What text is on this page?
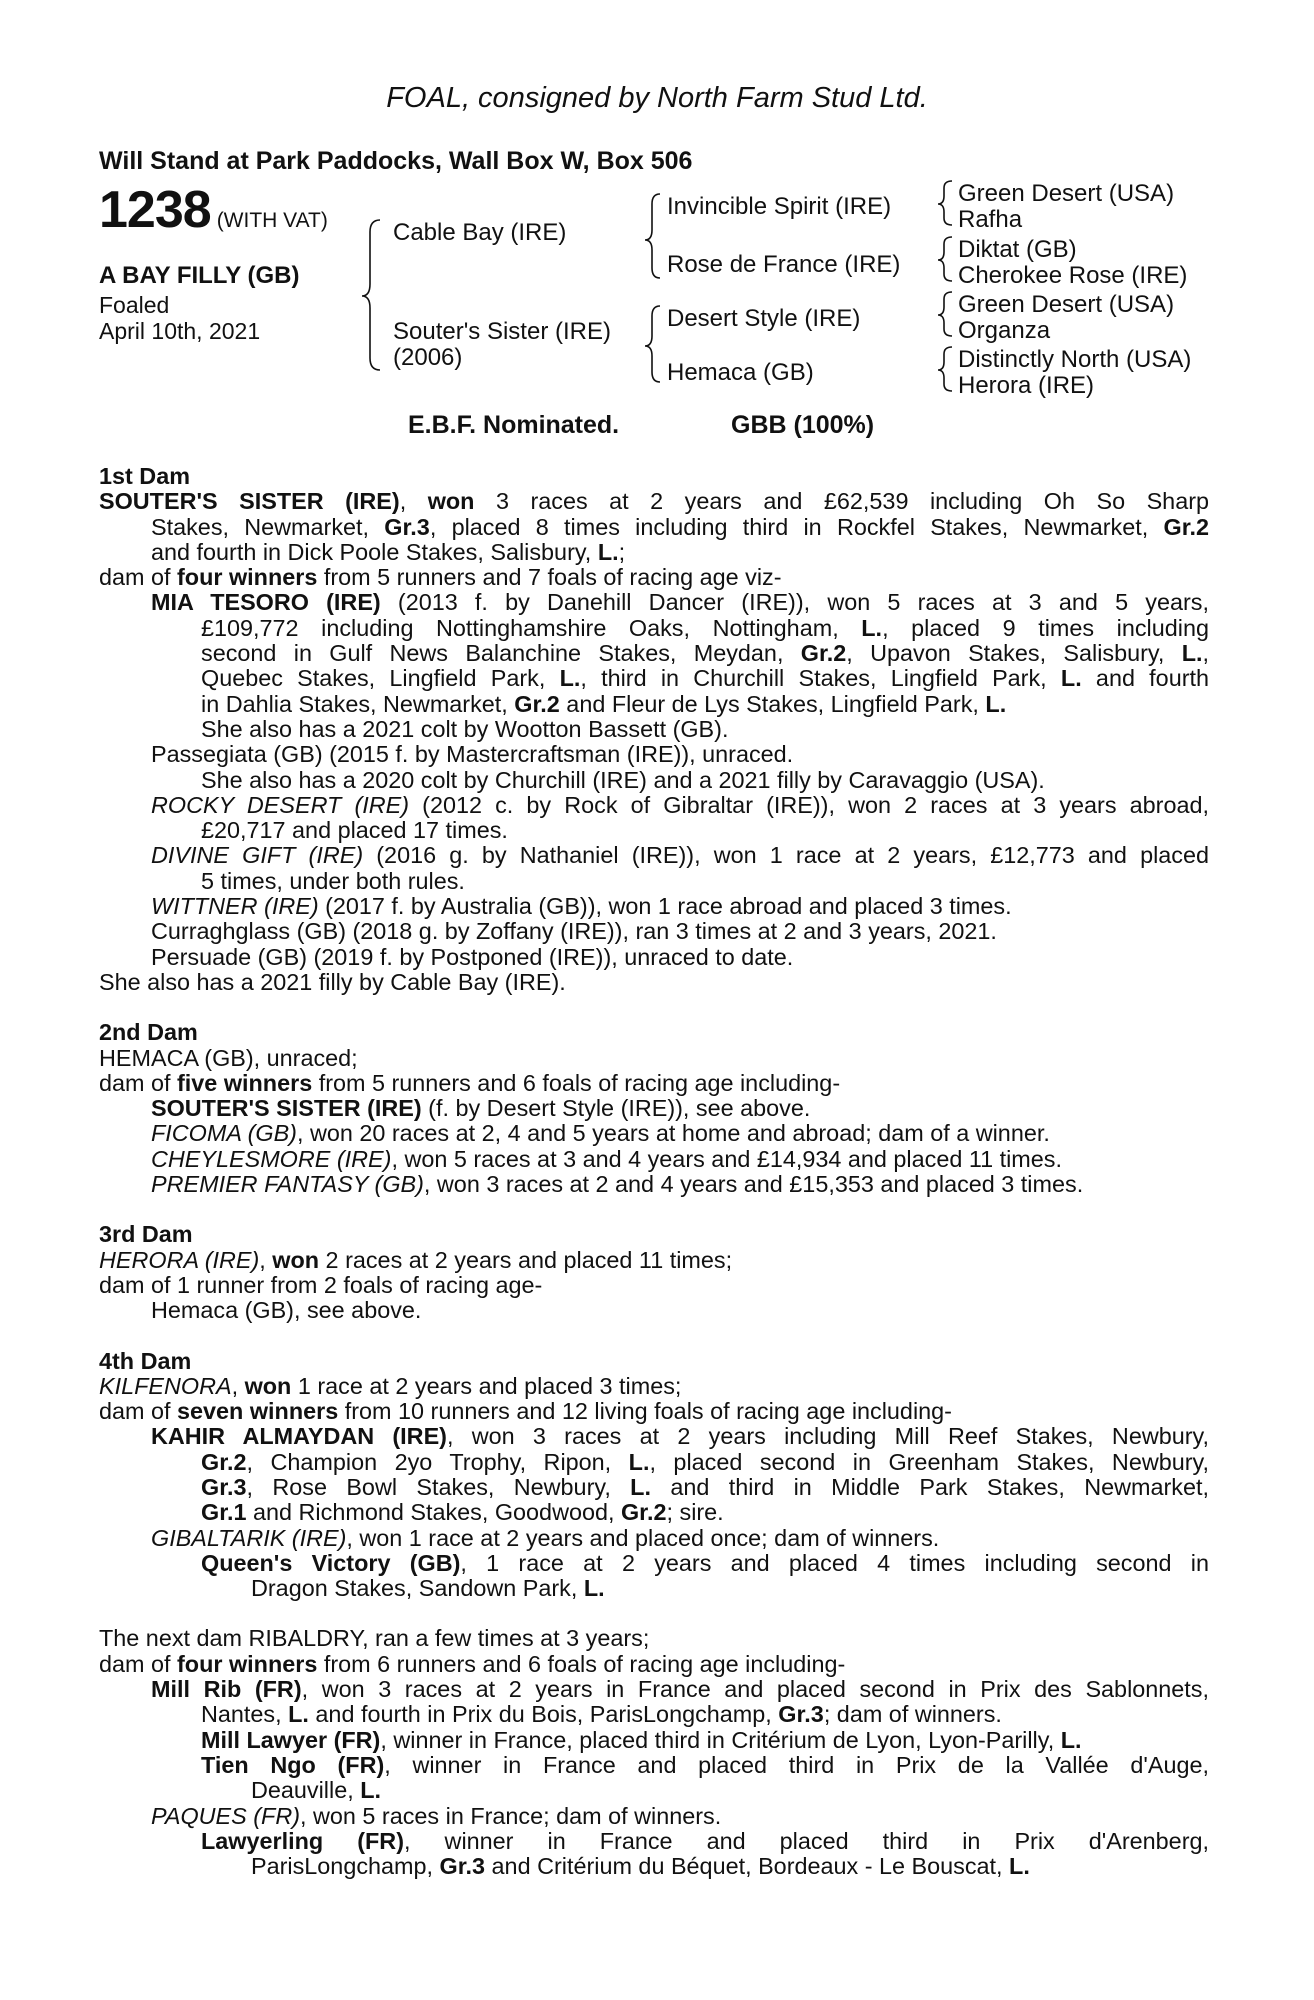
FOAL, consigned by North Farm Stud Ltd.
Will Stand at Park Paddocks, Wall Box W, Box 506
1238 (WITH VAT)
A BAY FILLY (GB)
Foaled
April 10th, 2021
Cable Bay (IRE)
Souter's Sister (IRE)
(2006)
Invincible Spirit (IRE)
Rose de France (IRE)
Desert Style (IRE)
Hemaca (GB)
Green Desert (USA)
Rafha
Diktat (GB)
Cherokee Rose (IRE)
Green Desert (USA)
Organza
Distinctly North (USA)
Herora (IRE)
E.B.F. Nominated.	GBB (100%)

1st Dam

SOUTER'S SISTER (IRE), won 3 races at 2 years and £62,539 including Oh So Sharp

Stakes, Newmarket, Gr.3, placed 8 times including third in Rockfel Stakes, Newmarket, Gr.2

and fourth in Dick Poole Stakes, Salisbury, L.;

dam of four winners from 5 runners and 7 foals of racing age viz-

MIA TESORO (IRE) (2013 f. by Danehill Dancer (IRE)), won 5 races at 3 and 5 years,

£109,772 including Nottinghamshire Oaks, Nottingham, L., placed 9 times including

second in Gulf News Balanchine Stakes, Meydan, Gr.2, Upavon Stakes, Salisbury, L.,

Quebec Stakes, Lingfield Park, L., third in Churchill Stakes, Lingfield Park, L. and fourth

in Dahlia Stakes, Newmarket, Gr.2 and Fleur de Lys Stakes, Lingfield Park, L.

She also has a 2021 colt by Wootton Bassett (GB).

Passegiata (GB) (2015 f. by Mastercraftsman (IRE)), unraced.

She also has a 2020 colt by Churchill (IRE) and a 2021 filly by Caravaggio (USA).

ROCKY DESERT (IRE) (2012 c. by Rock of Gibraltar (IRE)), won 2 races at 3 years abroad,

£20,717 and placed 17 times.

DIVINE GIFT (IRE) (2016 g. by Nathaniel (IRE)), won 1 race at 2 years, £12,773 and placed

5 times, under both rules.

WITTNER (IRE) (2017 f. by Australia (GB)), won 1 race abroad and placed 3 times.

Curraghglass (GB) (2018 g. by Zoffany (IRE)), ran 3 times at 2 and 3 years, 2021.

Persuade (GB) (2019 f. by Postponed (IRE)), unraced to date.

She also has a 2021 filly by Cable Bay (IRE).

2nd Dam

HEMACA (GB), unraced;

dam of five winners from 5 runners and 6 foals of racing age including-

SOUTER'S SISTER (IRE) (f. by Desert Style (IRE)), see above.

FICOMA (GB), won 20 races at 2, 4 and 5 years at home and abroad; dam of a winner.

CHEYLESMORE (IRE), won 5 races at 3 and 4 years and £14,934 and placed 11 times.

PREMIER FANTASY (GB), won 3 races at 2 and 4 years and £15,353 and placed 3 times.

3rd Dam

HERORA (IRE), won 2 races at 2 years and placed 11 times;

dam of 1 runner from 2 foals of racing age-

Hemaca (GB), see above.

4th Dam

KILFENORA, won 1 race at 2 years and placed 3 times;

dam of seven winners from 10 runners and 12 living foals of racing age including-

KAHIR ALMAYDAN (IRE), won 3 races at 2 years including Mill Reef Stakes, Newbury,

Gr.2, Champion 2yo Trophy, Ripon, L., placed second in Greenham Stakes, Newbury,

Gr.3, Rose Bowl Stakes, Newbury, L. and third in Middle Park Stakes, Newmarket,

Gr.1 and Richmond Stakes, Goodwood, Gr.2; sire.

GIBALTARIK (IRE), won 1 race at 2 years and placed once; dam of winners.

Queen's Victory (GB), 1 race at 2 years and placed 4 times including second in

Dragon Stakes, Sandown Park, L.

The next dam RIBALDRY, ran a few times at 3 years;

dam of four winners from 6 runners and 6 foals of racing age including-

Mill Rib (FR), won 3 races at 2 years in France and placed second in Prix des Sablonnets,

Nantes, L. and fourth in Prix du Bois, ParisLongchamp, Gr.3; dam of winners.

Mill Lawyer (FR), winner in France, placed third in Critérium de Lyon, Lyon-Parilly, L.

Tien Ngo (FR), winner in France and placed third in Prix de la Vallée d'Auge,

Deauville, L.

PAQUES (FR), won 5 races in France; dam of winners.

Lawyerling (FR), winner in France and placed third in Prix d'Arenberg,

ParisLongchamp, Gr.3 and Critérium du Béquet, Bordeaux - Le Bouscat, L.
